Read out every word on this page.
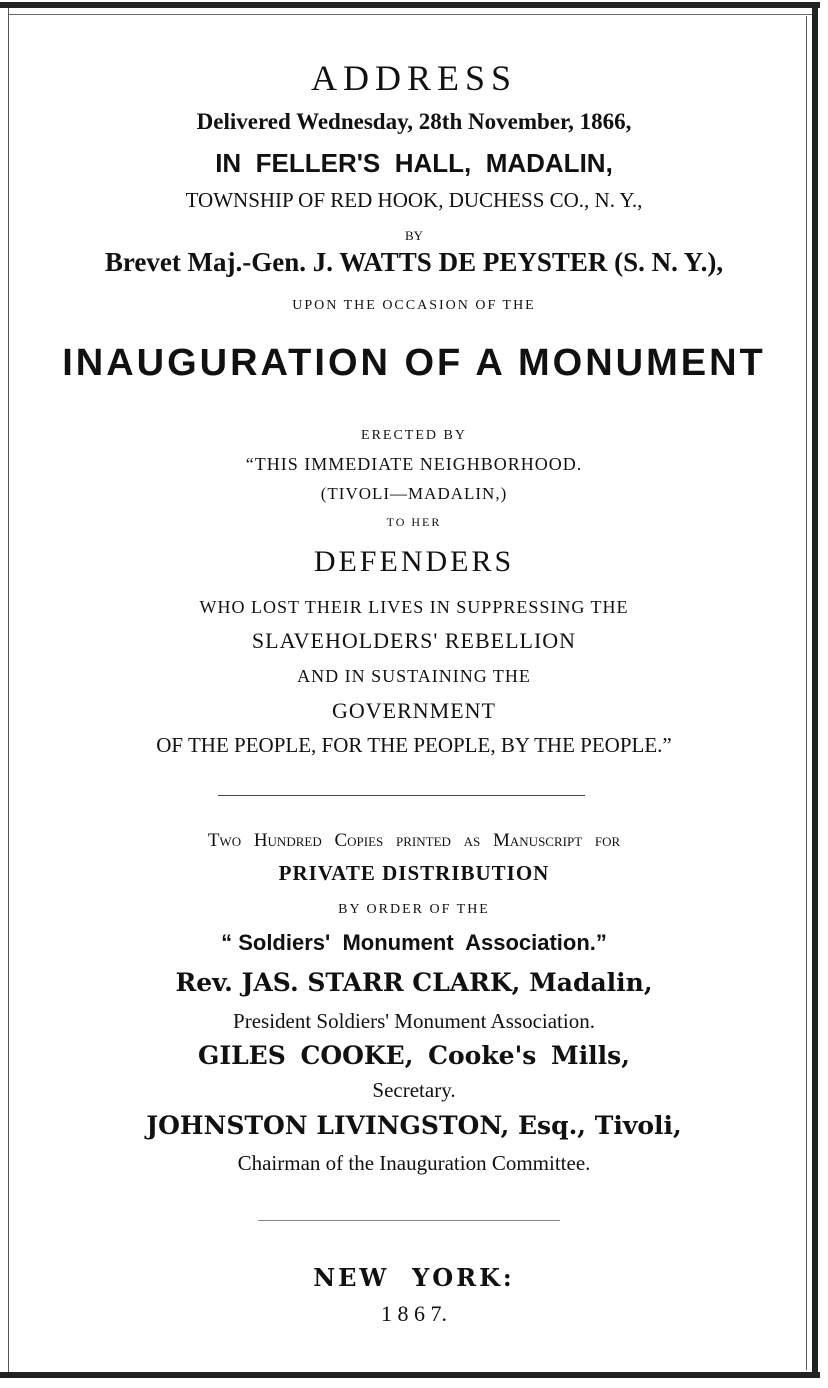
ADDRESS
Delivered Wednesday, 28th November, 1866,
IN  FELLER'S  HALL,  MADALIN,
TOWNSHIP OF RED HOOK, DUCHESS CO., N. Y.,
BY
Brevet Maj.-Gen. J. WATTS DE PEYSTER (S. N. Y.),
UPON THE OCCASION OF THE
INAUGURATION OF A MONUMENT
ERECTED BY
“THIS IMMEDIATE NEIGHBORHOOD.
(TIVOLI—MADALIN,)
TO HER
DEFENDERS
WHO LOST THEIR LIVES IN SUPPRESSING THE
SLAVEHOLDERS' REBELLION
AND IN SUSTAINING THE
GOVERNMENT
OF THE PEOPLE, FOR THE PEOPLE, BY THE PEOPLE.”
Two Hundred Copies printed as Manuscript for
PRIVATE DISTRIBUTION
BY ORDER OF THE
“ Soldiers'  Monument  Association.”
Rev. JAS. STARR CLARK, Madalin,
President Soldiers' Monument Association.
GILES COOKE, Cooke's Mills,
Secretary.
JOHNSTON LIVINGSTON, Esq., Tivoli,
Chairman of the Inauguration Committee.
NEW  YORK:
1 8 6 7.
